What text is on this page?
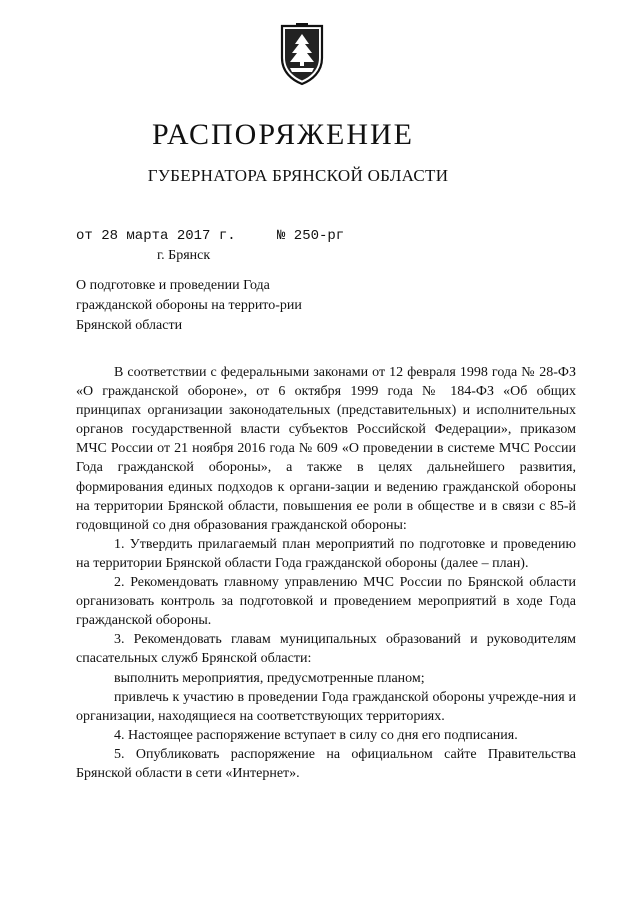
РАСПОРЯЖЕНИЕ
ГУБЕРНАТОРА БРЯНСКОЙ ОБЛАСТИ
от 28 марта 2017 г.	№ 250-рг
г. Брянск
О подготовке и проведении Года гражданской обороны на террито-рии Брянской области

В соответствии с федеральными законами от 12 февраля 1998 года № 28-ФЗ «О гражданской обороне», от 6 октября 1999 года № 184-ФЗ «Об общих принципах организации законодательных (представительных) и исполнительных органов государственной власти субъектов Российской Федерации», приказом МЧС России от 21 ноября 2016 года № 609 «О проведении в системе МЧС России Года гражданской обороны», а также в целях дальнейшего развития, формирования единых подходов к органи-зации и ведению гражданской обороны на территории Брянской области, повышения ее роли в обществе и в связи с 85-й годовщиной со дня образования гражданской обороны:

1. Утвердить прилагаемый план мероприятий по подготовке и проведению на территории Брянской области Года гражданской обороны (далее – план).

2. Рекомендовать главному управлению МЧС России по Брянской области организовать контроль за подготовкой и проведением мероприятий в ходе Года гражданской обороны.

3. Рекомендовать главам муниципальных образований и руководителям спасательных служб Брянской области:

выполнить мероприятия, предусмотренные планом;

привлечь к участию в проведении Года гражданской обороны учрежде-ния и организации, находящиеся на соответствующих территориях.

4. Настоящее распоряжение вступает в силу со дня его подписания.

5. Опубликовать распоряжение на официальном сайте Правительства Брянской области в сети «Интернет».
